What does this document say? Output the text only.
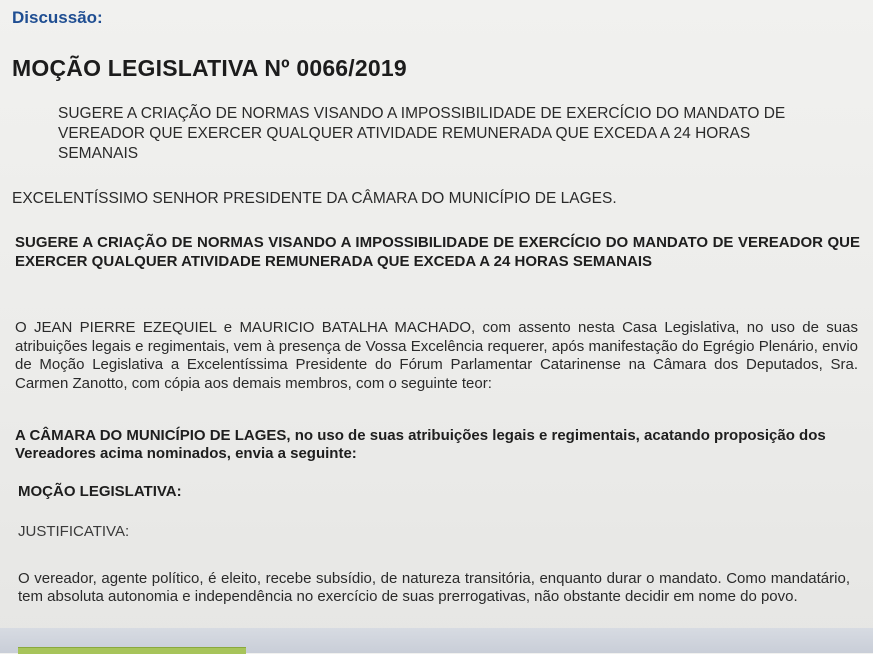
Discussão:
MOÇÃO LEGISLATIVA Nº 0066/2019
SUGERE A CRIAÇÃO DE NORMAS VISANDO A IMPOSSIBILIDADE DE EXERCÍCIO DO MANDATO DE VEREADOR QUE EXERCER QUALQUER ATIVIDADE REMUNERADA QUE EXCEDA A 24 HORAS SEMANAIS
EXCELENTÍSSIMO SENHOR PRESIDENTE DA CÂMARA DO MUNICÍPIO DE LAGES.
SUGERE A CRIAÇÃO DE NORMAS VISANDO A IMPOSSIBILIDADE DE EXERCÍCIO DO MANDATO DE VEREADOR QUE EXERCER QUALQUER ATIVIDADE REMUNERADA QUE EXCEDA A 24 HORAS SEMANAIS
O JEAN PIERRE EZEQUIEL e MAURICIO BATALHA MACHADO, com assento nesta Casa Legislativa, no uso de suas atribuições legais e regimentais, vem à presença de Vossa Excelência requerer, após manifestação do Egrégio Plenário, envio de Moção Legislativa a Excelentíssima Presidente do Fórum Parlamentar Catarinense na Câmara dos Deputados, Sra. Carmen Zanotto, com cópia aos demais membros, com o seguinte teor:
A CÂMARA DO MUNICÍPIO DE LAGES, no uso de suas atribuições legais e regimentais, acatando proposição dos Vereadores acima nominados, envia a seguinte:
MOÇÃO LEGISLATIVA:
JUSTIFICATIVA:
O vereador, agente político, é eleito, recebe subsídio, de natureza transitória, enquanto durar o mandato. Como mandatário, tem absoluta autonomia e independência no exercício de suas prerrogativas, não obstante decidir em nome do povo.
